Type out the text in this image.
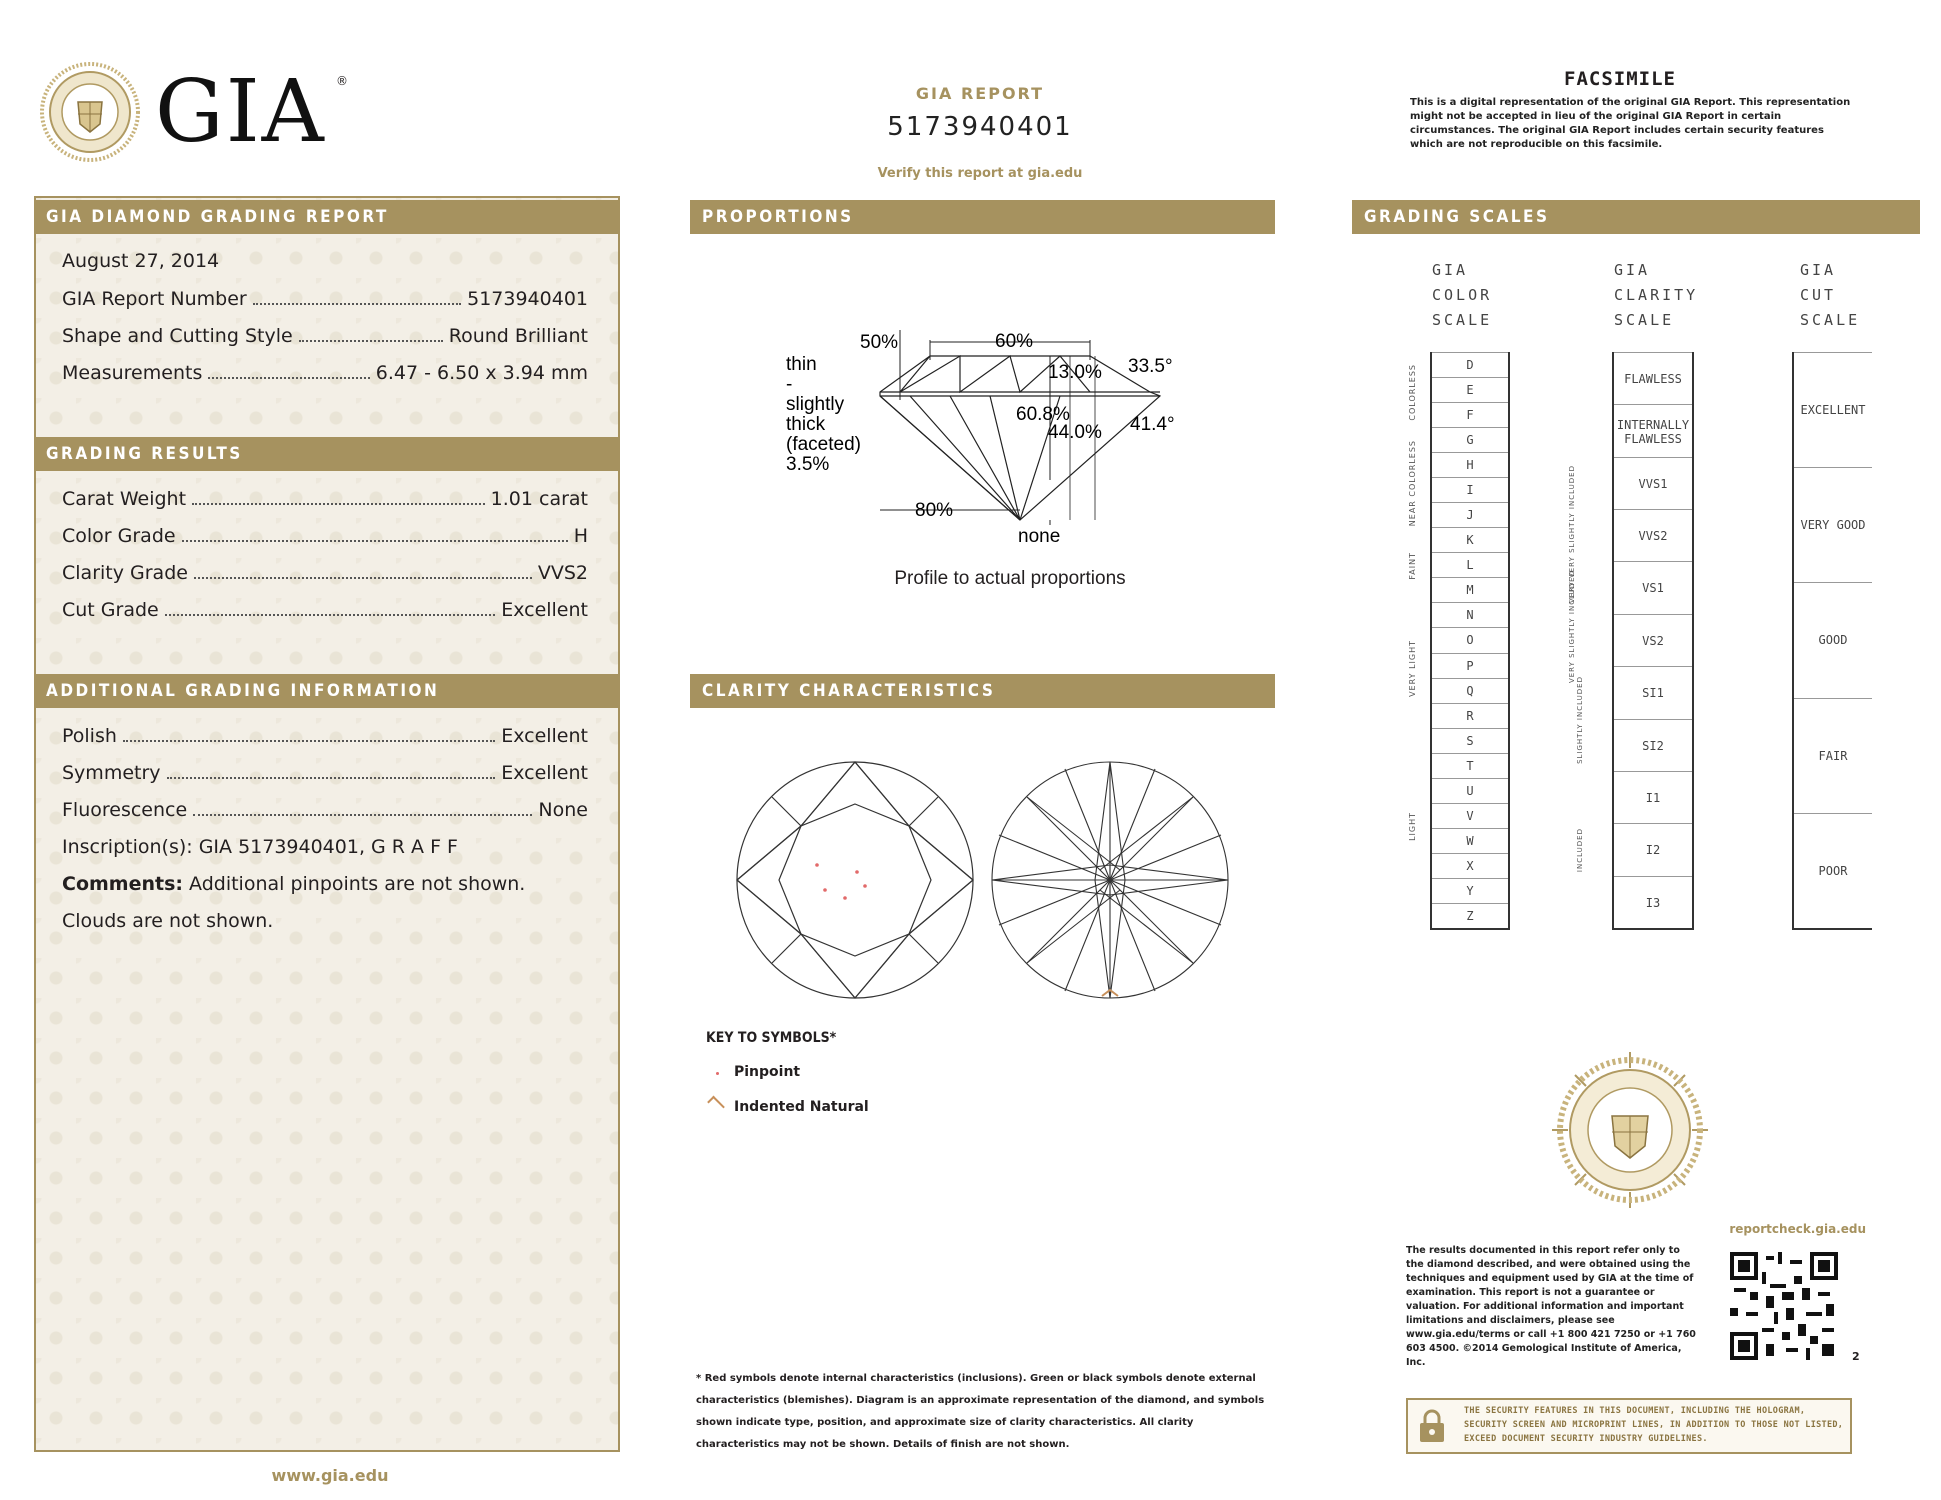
GIA ®
GIA REPORT
5173940401
Verify this report at gia.edu
FACSIMILE
This is a digital representation of the original GIA Report. This representation might not be accepted in lieu of the original GIA Report in certain circumstances. The original GIA Report includes certain security features which are not reproducible on this facsimile.
GIA DIAMOND GRADING REPORT
August 27, 2014
GIA Report Number	5173940401
Shape and Cutting Style	Round Brilliant
Measurements	6.47 - 6.50 x 3.94 mm
GRADING RESULTS
Carat Weight	1.01 carat
Color Grade	H
Clarity Grade	VVS2
Cut Grade	Excellent
ADDITIONAL GRADING INFORMATION
Polish	Excellent
Symmetry	Excellent
Fluorescence	None
Inscription(s): GIA 5173940401, G R A F F
Comments: Additional pinpoints are not shown. Clouds are not shown.
www.gia.edu
PROPORTIONS
50%	60%
13.0% 33.5°
60.8%
44.0% 41.4°
80%
none
thin - slightly thick (faceted) 3.5%
Profile to actual proportions
CLARITY CHARACTERISTICS
KEY TO SYMBOLS*
Pinpoint
Indented Natural
* Red symbols denote internal characteristics (inclusions). Green or black symbols denote external characteristics (blemishes). Diagram is an approximate representation of the diamond, and symbols shown indicate type, position, and approximate size of clarity characteristics. All clarity characteristics may not be shown. Details of finish are not shown.
GRADING SCALES
GIA
COLOR
SCALE
GIA
CLARITY
SCALE
GIA
CUT
SCALE
D
E
F
G
H
I
J
K
L
M
N
O
P
Q
R
S
T
U
V
W
X
Y
Z
COLORLESS
NEAR COLORLESS
FAINT
VERY LIGHT
LIGHT
FLAWLESS
INTERNALLY FLAWLESS
VVS1
VVS2
VS1
VS2
SI1
SI2
I1
I2
I3
VERY VERY SLIGHTLY INCLUDED
VERY SLIGHTLY INCLUDED
SLIGHTLY INCLUDED
INCLUDED
EXCELLENT
VERY GOOD
GOOD
FAIR
POOR
reportcheck.gia.edu
The results documented in this report refer only to the diamond described, and were obtained using the techniques and equipment used by GIA at the time of examination. This report is not a guarantee or valuation. For additional information and important limitations and disclaimers, please see www.gia.edu/terms or call +1 800 421 7250 or +1 760 603 4500. ©2014 Gemological Institute of America, Inc.	2
THE SECURITY FEATURES IN THIS DOCUMENT, INCLUDING THE HOLOGRAM, SECURITY SCREEN AND MICROPRINT LINES, IN ADDITION TO THOSE NOT LISTED, EXCEED DOCUMENT SECURITY INDUSTRY GUIDELINES.
